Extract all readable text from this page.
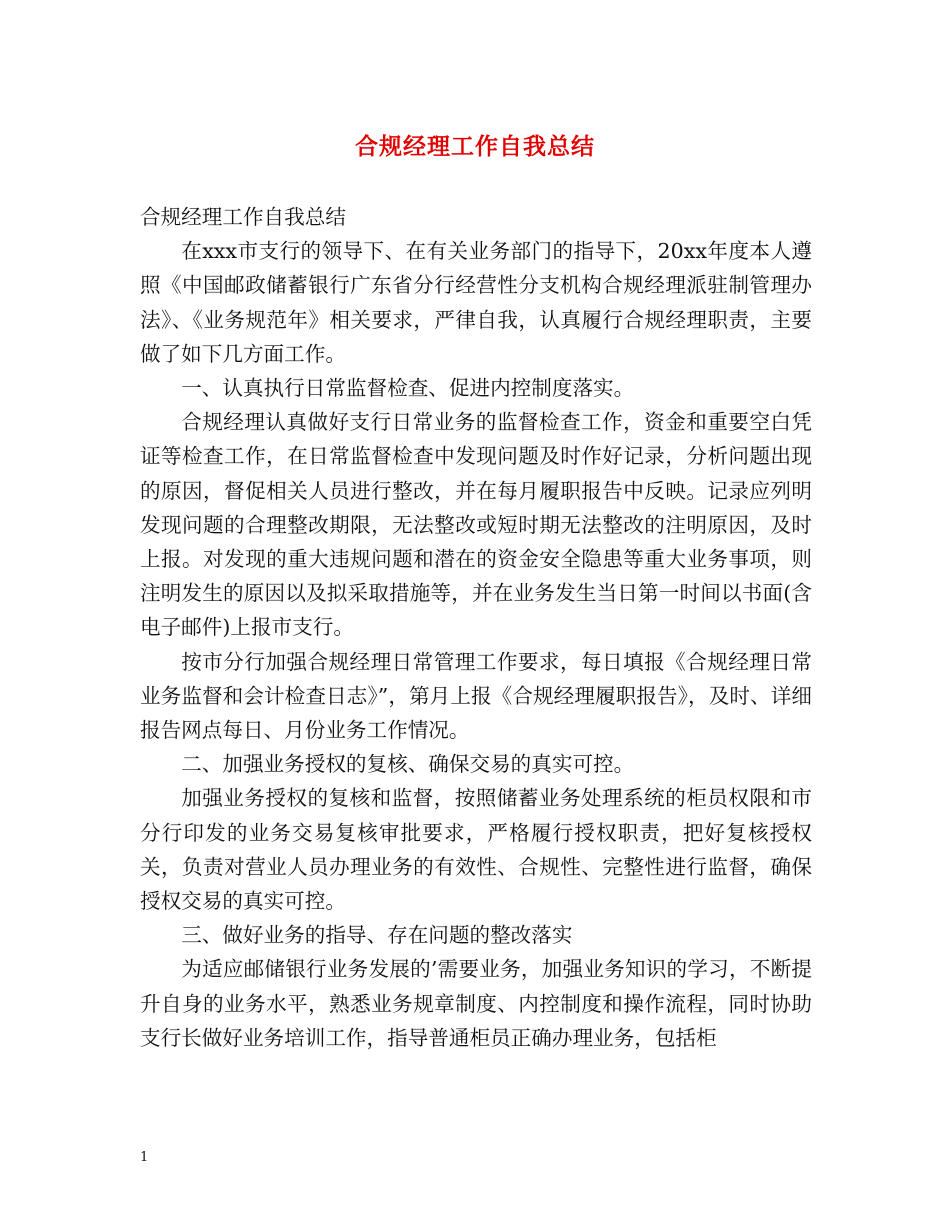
合规经理工作自我总结

合规经理工作自我总结

在xxx市支行的领导下、在有关业务部门的指导下，20xx年度本人遵照《中国邮政储蓄银行广东省分行经营性分支机构合规经理派驻制管理办法》、《业务规范年》相关要求，严律自我，认真履行合规经理职责，主要做了如下几方面工作。

一、认真执行日常监督检查、促进内控制度落实。

合规经理认真做好支行日常业务的监督检查工作，资金和重要空白凭证等检查工作，在日常监督检查中发现问题及时作好记录，分析问题出现的原因，督促相关人员进行整改，并在每月履职报告中反映。记录应列明发现问题的合理整改期限，无法整改或短时期无法整改的注明原因，及时上报。对发现的重大违规问题和潜在的资金安全隐患等重大业务事项，则注明发生的原因以及拟采取措施等，并在业务发生当日第一时间以书面(含电子邮件)上报市支行。

按市分行加强合规经理日常管理工作要求，每日填报《合规经理日常业务监督和会计检查日志》”，第月上报《合规经理履职报告》，及时、详细报告网点每日、月份业务工作情况。

二、加强业务授权的复核、确保交易的真实可控。

加强业务授权的复核和监督，按照储蓄业务处理系统的柜员权限和市分行印发的业务交易复核审批要求，严格履行授权职责，把好复核授权关，负责对营业人员办理业务的有效性、合规性、完整性进行监督，确保授权交易的真实可控。

三、做好业务的指导、存在问题的整改落实

为适应邮储银行业务发展的’需要业务，加强业务知识的学习，不断提升自身的业务水平，熟悉业务规章制度、内控制度和操作流程，同时协助支行长做好业务培训工作，指导普通柜员正确办理业务，包括柜

1
